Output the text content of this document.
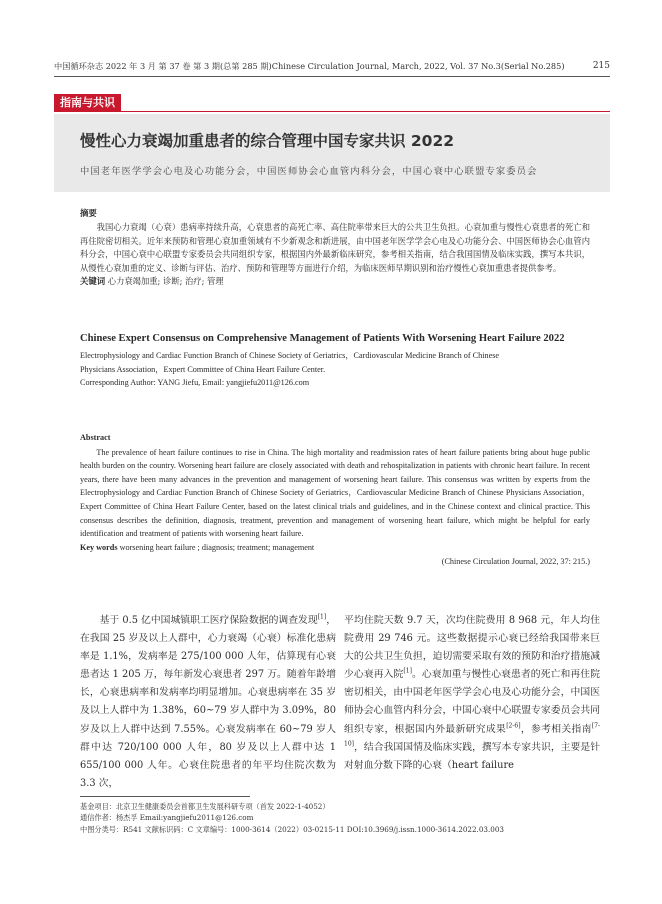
中国循环杂志 2022 年 3 月 第 37 卷 第 3 期(总第 285 期)Chinese Circulation Journal, March, 2022, Vol. 37 No.3(Serial No.285)	215
指南与共识
慢性心力衰竭加重患者的综合管理中国专家共识 2022
中国老年医学学会心电及心功能分会，中国医师协会心血管内科分会，中国心衰中心联盟专家委员会
摘要

我国心力衰竭（心衰）患病率持续升高，心衰患者的高死亡率、高住院率带来巨大的公共卫生负担。心衰加重与慢性心衰患者的死亡和再住院密切相关。近年来预防和管理心衰加重领域有不少新观念和新进展，由中国老年医学学会心电及心功能分会、中国医师协会心血管内科分会，中国心衰中心联盟专家委员会共同组织专家，根据国内外最新临床研究，参考相关指南，结合我国国情及临床实践，撰写本共识，从慢性心衰加重的定义、诊断与评估、治疗、预防和管理等方面进行介绍，为临床医师早期识别和治疗慢性心衰加重患者提供参考。

关键词 心力衰竭加重; 诊断; 治疗; 管理

Chinese Expert Consensus on Comprehensive Management of Patients With Worsening Heart Failure 2022

Electrophysiology and Cardiac Function Branch of Chinese Society of Geriatrics，Cardiovascular Medicine Branch of Chinese

Physicians Association，Expert Committee of China Heart Failure Center.

Corresponding Author: YANG Jiefu, Email: yangjiefu2011@126.com

Abstract

The prevalence of heart failure continues to rise in China. The high mortality and readmission rates of heart failure patients bring about huge public health burden on the country. Worsening heart failure are closely associated with death and rehospitalization in patients with chronic heart failure. In recent years, there have been many advances in the prevention and management of worsening heart failure. This consensus was written by experts from the Electrophysiology and Cardiac Function Branch of Chinese Society of Geriatrics，Cardiovascular Medicine Branch of Chinese Physicians Association，Expert Committee of China Heart Failure Center, based on the latest clinical trials and guidelines, and in the Chinese context and clinical practice. This consensus describes the definition, diagnosis, treatment, prevention and management of worsening heart failure, which might be helpful for early identification and treatment of patients with worsening heart failure.

Key words worsening heart failure ; diagnosis; treatment; management
(Chinese Circulation Journal, 2022, 37: 215.)

基于 0.5 亿中国城镇职工医疗保险数据的调查发现[1]，在我国 25 岁及以上人群中，心力衰竭（心衰）标准化患病率是 1.1%，发病率是 275/100 000 人年，估算现有心衰患者达 1 205 万，每年新发心衰患者 297 万。随着年龄增长，心衰患病率和发病率均明显增加。心衰患病率在 35 岁及以上人群中为 1.38%，60~79 岁人群中为 3.09%，80 岁及以上人群中达到 7.55%。心衰发病率在 60~79 岁人群中达 720/100 000 人年，80 岁及以上人群中达 1 655/100 000 人年。心衰住院患者的年平均住院次数为 3.3 次，

平均住院天数 9.7 天，次均住院费用 8 968 元，年人均住院费用 29 746 元。这些数据提示心衰已经给我国带来巨大的公共卫生负担，迫切需要采取有效的预防和治疗措施减少心衰再入院[1]。心衰加重与慢性心衰患者的死亡和再住院密切相关，由中国老年医学学会心电及心功能分会，中国医师协会心血管内科分会，中国心衰中心联盟专家委员会共同组织专家，根据国内外最新研究成果[2-6]，参考相关指南[7-10]，结合我国国情及临床实践，撰写本专家共识，主要是针对射血分数下降的心衰（heart failure

基金项目：北京卫生健康委员会首都卫生发展科研专项（首发 2022-1-4052）
通信作者：杨杰孚 Email:yangjiefu2011@126.com
中图分类号：R541 文献标识码：C 文章编号：1000-3614（2022）03-0215-11 DOI:10.3969/j.issn.1000-3614.2022.03.003
